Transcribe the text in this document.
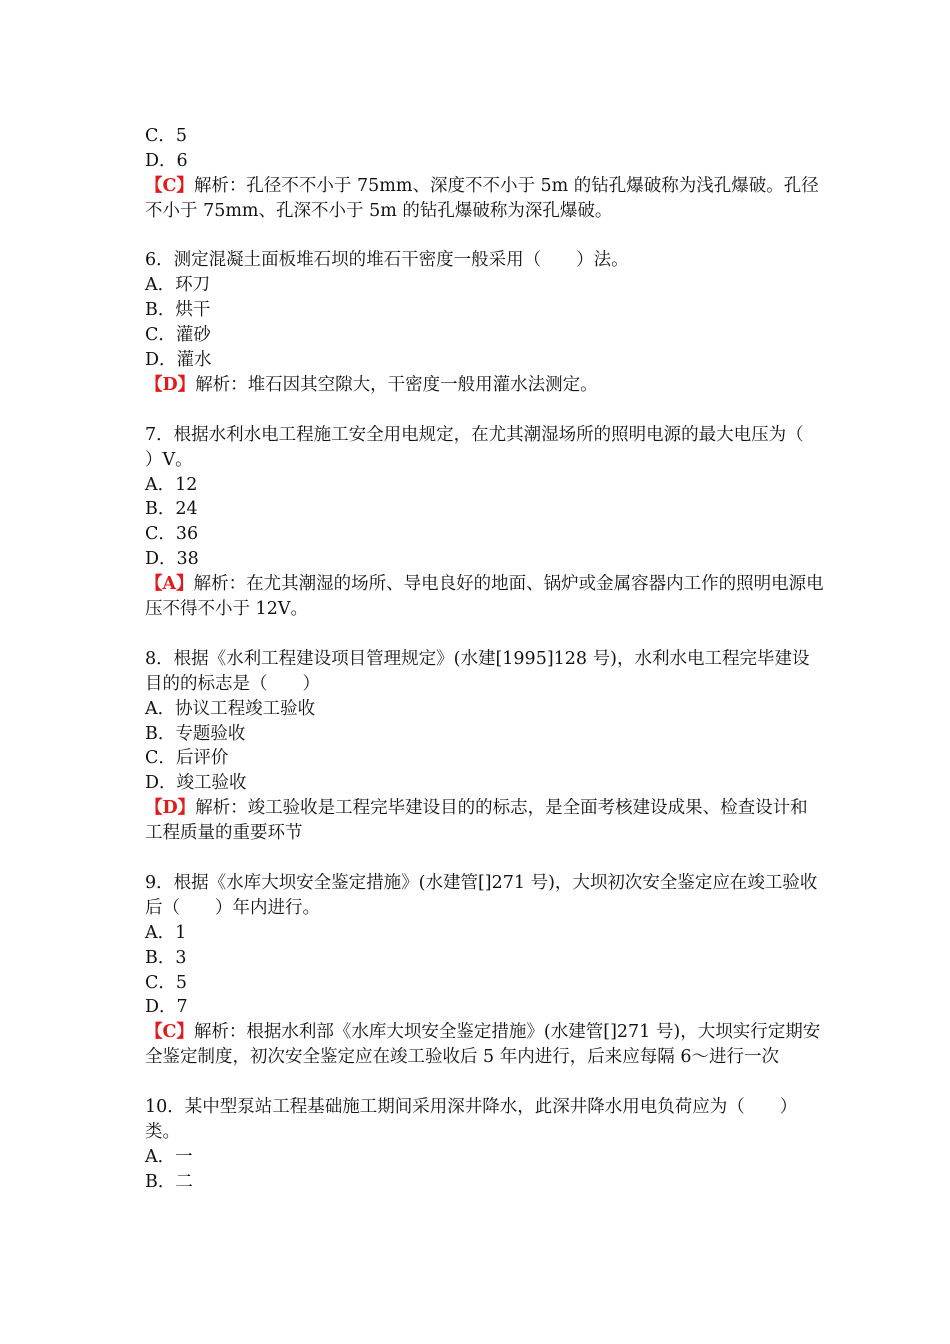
C．5
D．6
【C】解析：孔径不不小于 75mm、深度不不小于 5m 的钻孔爆破称为浅孔爆破。孔径不小于 75mm、孔深不小于 5m 的钻孔爆破称为深孔爆破。
6．测定混凝土面板堆石坝的堆石干密度一般采用（　　）法。
A．环刀
B．烘干
C．灌砂
D．灌水
【D】解析：堆石因其空隙大，干密度一般用灌水法测定。
7．根据水利水电工程施工安全用电规定，在尤其潮湿场所的照明电源的最大电压为（　　）V。
A．12
B．24
C．36
D．38
【A】解析：在尤其潮湿的场所、导电良好的地面、锅炉或金属容器内工作的照明电源电压不得不小于 12V。
8．根据《水利工程建设项目管理规定》(水建[1995]128 号)，水利水电工程完毕建设目的的标志是（　　）
A．协议工程竣工验收
B．专题验收
C．后评价
D．竣工验收
【D】解析：竣工验收是工程完毕建设目的的标志，是全面考核建设成果、检查设计和工程质量的重要环节
9．根据《水库大坝安全鉴定措施》(水建管[]271 号)，大坝初次安全鉴定应在竣工验收后（　　）年内进行。
A．1
B．3
C．5
D．7
【C】解析：根据水利部《水库大坝安全鉴定措施》(水建管[]271 号)，大坝实行定期安全鉴定制度，初次安全鉴定应在竣工验收后 5 年内进行，后来应每隔 6～进行一次
10．某中型泵站工程基础施工期间采用深井降水，此深井降水用电负荷应为（　　）类。
A．一
B．二
